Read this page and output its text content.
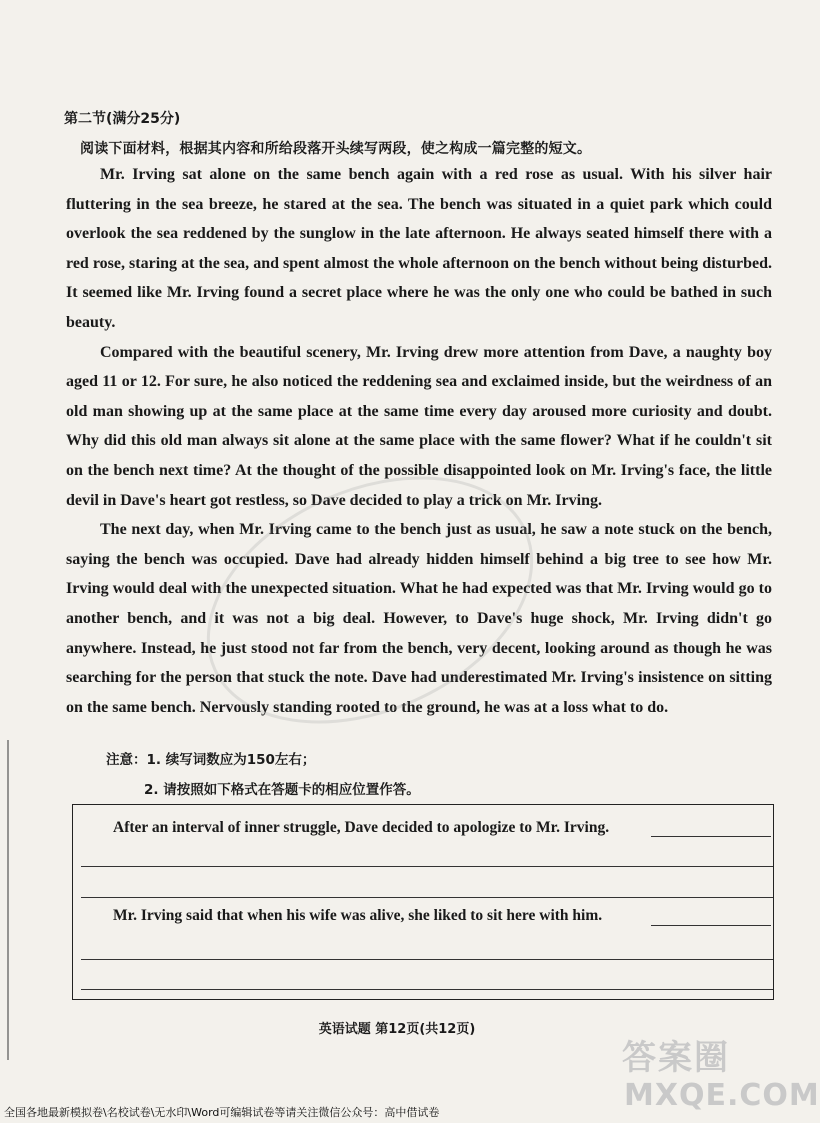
第二节(满分25分)
阅读下面材料，根据其内容和所给段落开头续写两段，使之构成一篇完整的短文。

Mr. Irving sat alone on the same bench again with a red rose as usual. With his silver hair fluttering in the sea breeze, he stared at the sea. The bench was situated in a quiet park which could overlook the sea reddened by the sunglow in the late afternoon. He always seated himself there with a red rose, staring at the sea, and spent almost the whole afternoon on the bench without being disturbed. It seemed like Mr. Irving found a secret place where he was the only one who could be bathed in such beauty.

Compared with the beautiful scenery, Mr. Irving drew more attention from Dave, a naughty boy aged 11 or 12. For sure, he also noticed the reddening sea and exclaimed inside, but the weirdness of an old man showing up at the same place at the same time every day aroused more curiosity and doubt. Why did this old man always sit alone at the same place with the same flower? What if he couldn't sit on the bench next time? At the thought of the possible disappointed look on Mr. Irving's face, the little devil in Dave's heart got restless, so Dave decided to play a trick on Mr. Irving.

The next day, when Mr. Irving came to the bench just as usual, he saw a note stuck on the bench, saying the bench was occupied. Dave had already hidden himself behind a big tree to see how Mr. Irving would deal with the unexpected situation. What he had expected was that Mr. Irving would go to another bench, and it was not a big deal. However, to Dave's huge shock, Mr. Irving didn't go anywhere. Instead, he just stood not far from the bench, very decent, looking around as though he was searching for the person that stuck the note. Dave had underestimated Mr. Irving's insistence on sitting on the same bench. Nervously standing rooted to the ground, he was at a loss what to do.

注意：1. 续写词数应为150左右；
2. 请按照如下格式在答题卡的相应位置作答。
After an interval of inner struggle, Dave decided to apologize to Mr. Irving.
Mr. Irving said that when his wife was alive, she liked to sit here with him.
英语试题 第12页(共12页)
答案圈
MXQE.COM
全国各地最新模拟卷\名校试卷\无水印\Word可编辑试卷等请关注微信公众号：高中借试卷
